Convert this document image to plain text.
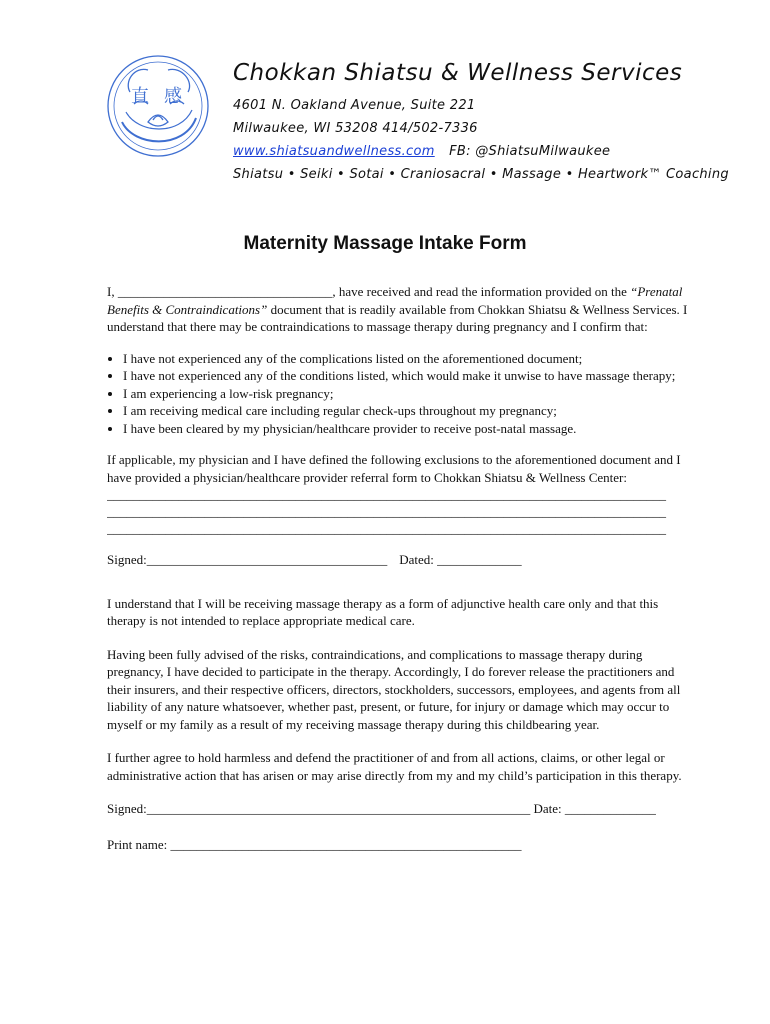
直 感
Chokkan Shiatsu & Wellness Services
4601 N. Oakland Avenue, Suite 221
Milwaukee, WI 53208 414/502-7336
www.shiatsuandwellness.com FB: @ShiatsuMilwaukee
Shiatsu • Seiki • Sotai • Craniosacral • Massage • Heartwork™ Coaching
Maternity Massage Intake Form

I, _________________________________, have received and read the information provided on the “Prenatal Benefits & Contraindications” document that is readily available from Chokkan Shiatsu & Wellness Services. I understand that there may be contraindications to massage therapy during pregnancy and I confirm that:

• I have not experienced any of the complications listed on the aforementioned document;
• I have not experienced any of the conditions listed, which would make it unwise to have massage therapy;
• I am experiencing a low-risk pregnancy;
• I am receiving medical care including regular check-ups throughout my pregnancy;
• I have been cleared by my physician/healthcare provider to receive post-natal massage.

If applicable, my physician and I have defined the following exclusions to the aforementioned document and I have provided a physician/healthcare provider referral form to Chokkan Shiatsu & Wellness Center:

______________________________________________________________________________________
______________________________________________________________________________________
______________________________________________________________________________________

Signed:_____________________________________ Dated: _____________

I understand that I will be receiving massage therapy as a form of adjunctive health care only and that this therapy is not intended to replace appropriate medical care.

Having been fully advised of the risks, contraindications, and complications to massage therapy during pregnancy, I have decided to participate in the therapy. Accordingly, I do forever release the practitioners and their insurers, and their respective officers, directors, stockholders, successors, employees, and agents from all liability of any nature whatsoever, whether past, present, or future, for injury or damage which may occur to myself or my family as a result of my receiving massage therapy during this childbearing year.

I further agree to hold harmless and defend the practitioner of and from all actions, claims, or other legal or administrative action that has arisen or may arise directly from my and my child’s participation in this therapy.

Signed:___________________________________________________________ Date: ______________

Print name: ______________________________________________________
